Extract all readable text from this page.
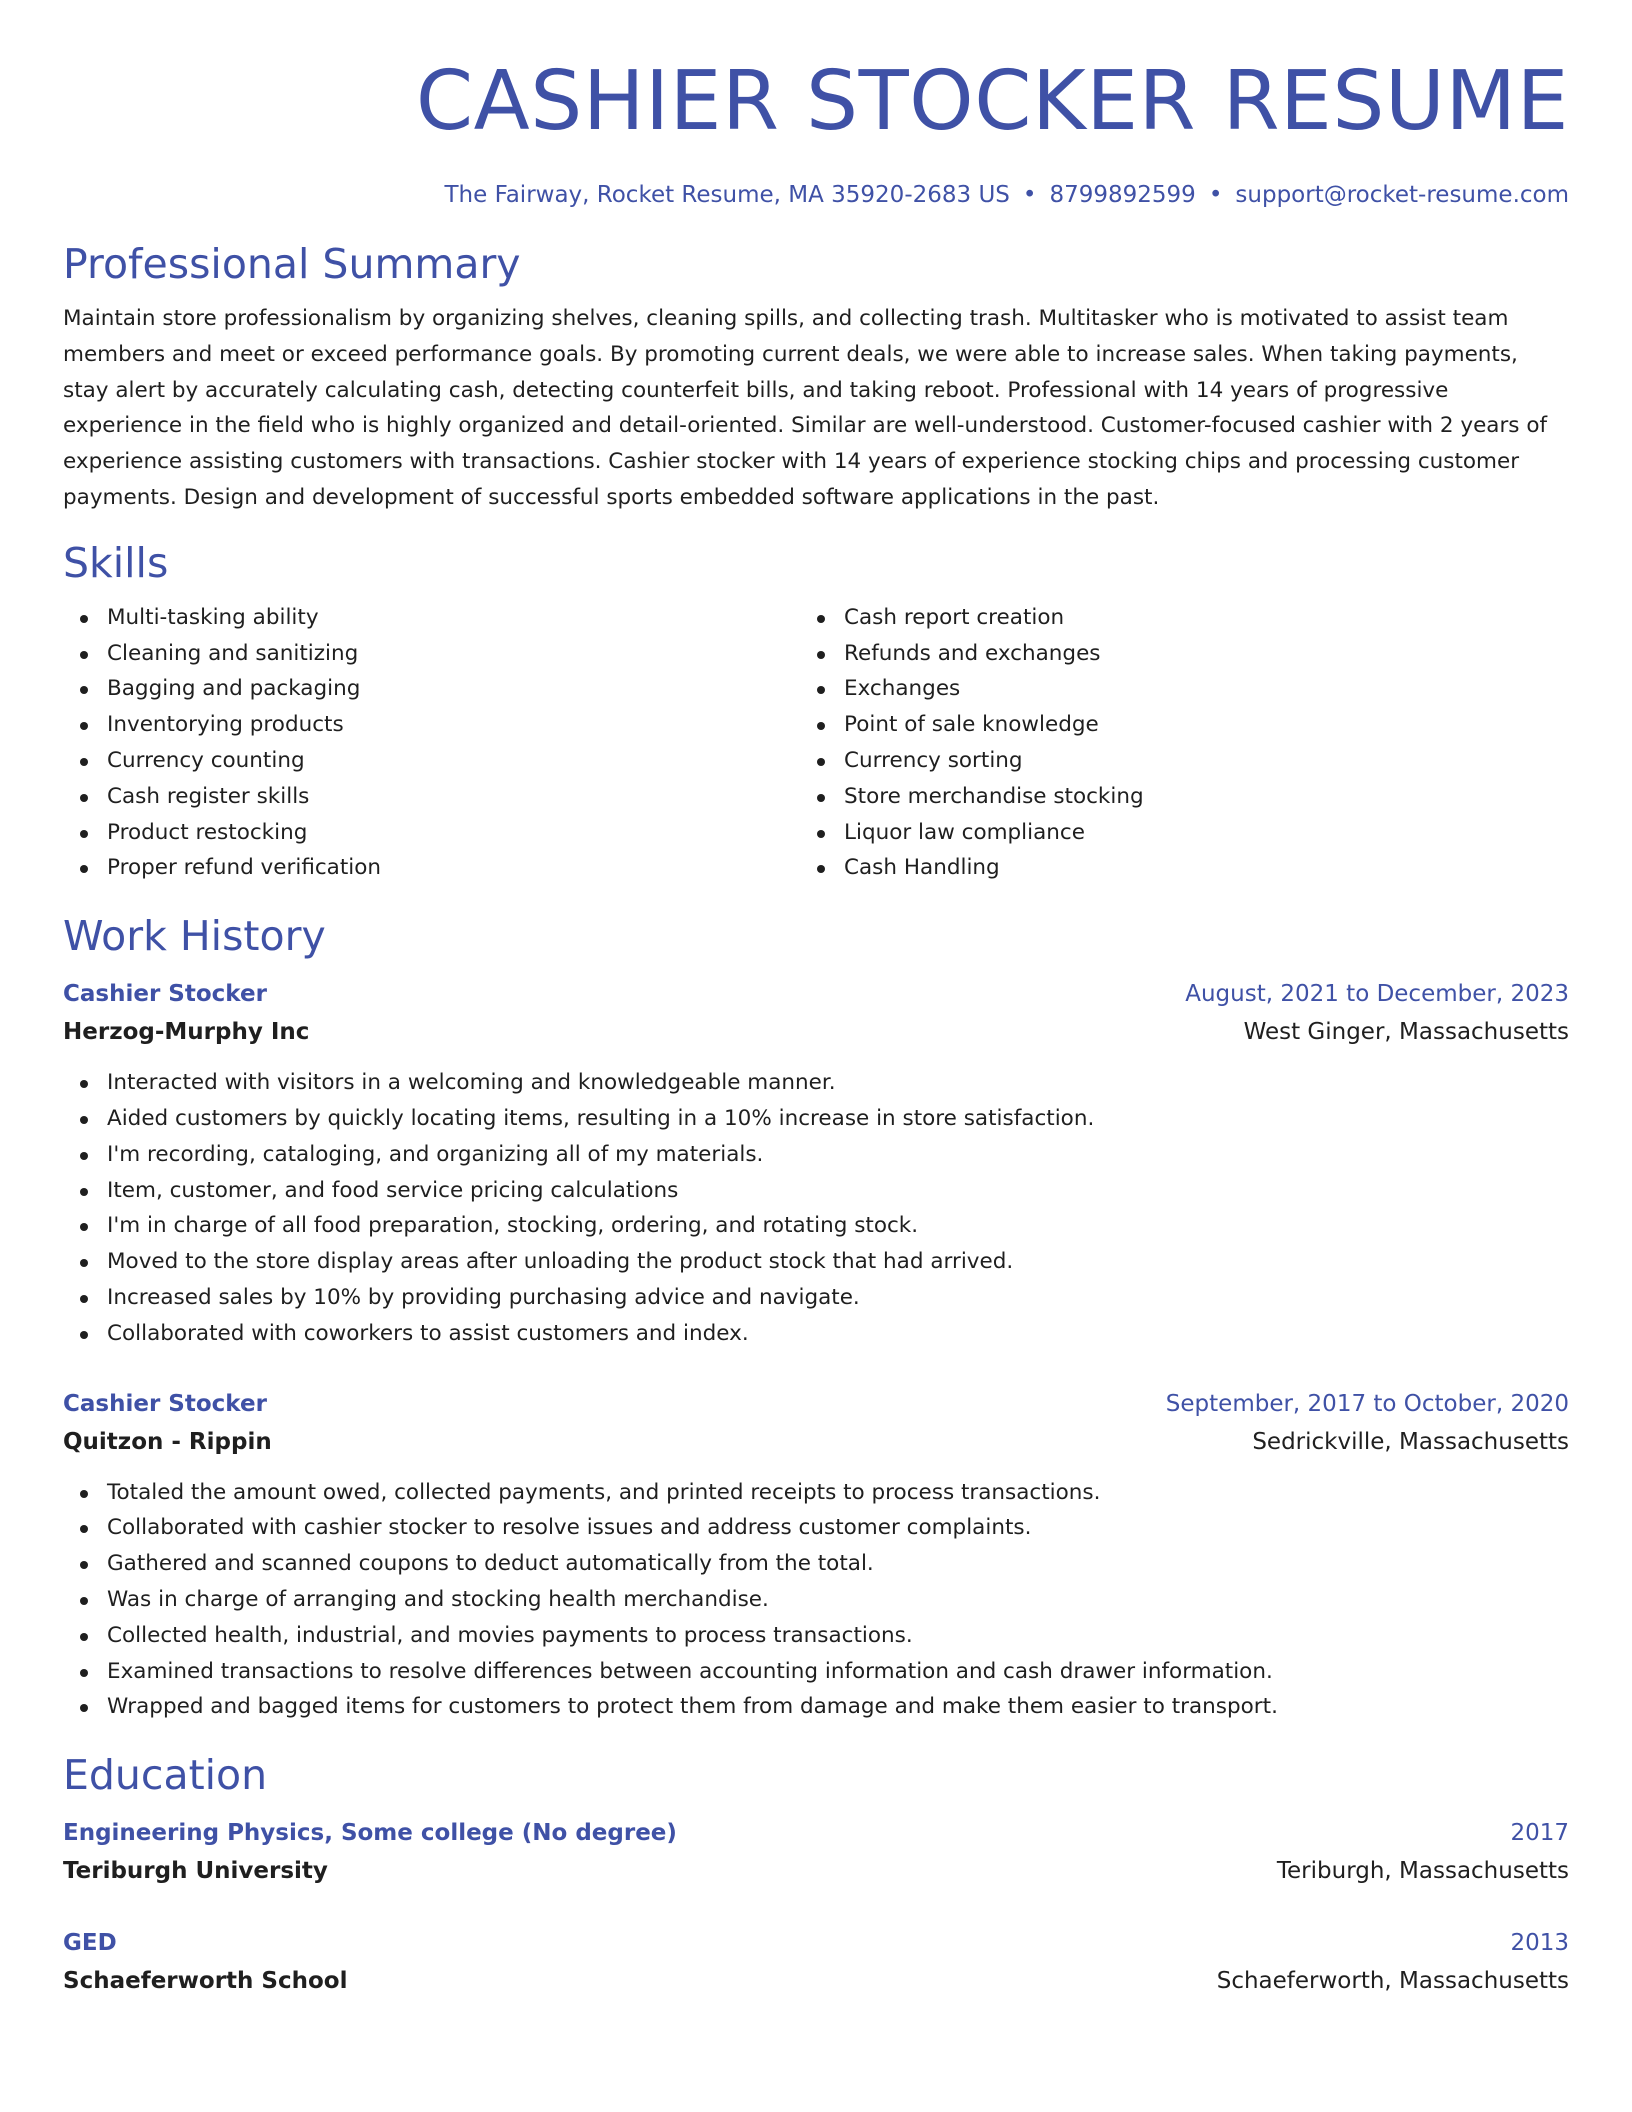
CASHIER STOCKER RESUME
The Fairway, Rocket Resume, MA 35920-2683 US • 8799892599 • support@rocket-resume.com
Professional Summary

Maintain store professionalism by organizing shelves, cleaning spills, and collecting trash. Multitasker who is motivated to assist team members and meet or exceed performance goals. By promoting current deals, we were able to increase sales. When taking payments, stay alert by accurately calculating cash, detecting counterfeit bills, and taking reboot. Professional with 14 years of progressive experience in the field who is highly organized and detail-oriented. Similar are well-understood. Customer-focused cashier with 2 years of experience assisting customers with transactions. Cashier stocker with 14 years of experience stocking chips and processing customer payments. Design and development of successful sports embedded software applications in the past.

Skills
Multi-tasking ability
Cleaning and sanitizing
Bagging and packaging
Inventorying products
Currency counting
Cash register skills
Product restocking
Proper refund verification
Cash report creation
Refunds and exchanges
Exchanges
Point of sale knowledge
Currency sorting
Store merchandise stocking
Liquor law compliance
Cash Handling
Work History
Cashier Stocker	August, 2021 to December, 2023
Herzog-Murphy Inc	West Ginger, Massachusetts
Interacted with visitors in a welcoming and knowledgeable manner.
Aided customers by quickly locating items, resulting in a 10% increase in store satisfaction.
I'm recording, cataloging, and organizing all of my materials.
Item, customer, and food service pricing calculations
I'm in charge of all food preparation, stocking, ordering, and rotating stock.
Moved to the store display areas after unloading the product stock that had arrived.
Increased sales by 10% by providing purchasing advice and navigate.
Collaborated with coworkers to assist customers and index.
Cashier Stocker	September, 2017 to October, 2020
Quitzon - Rippin	Sedrickville, Massachusetts
Totaled the amount owed, collected payments, and printed receipts to process transactions.
Collaborated with cashier stocker to resolve issues and address customer complaints.
Gathered and scanned coupons to deduct automatically from the total.
Was in charge of arranging and stocking health merchandise.
Collected health, industrial, and movies payments to process transactions.
Examined transactions to resolve differences between accounting information and cash drawer information.
Wrapped and bagged items for customers to protect them from damage and make them easier to transport.
Education
Engineering Physics, Some college (No degree)	2017
Teriburgh University	Teriburgh, Massachusetts
GED	2013
Schaeferworth School	Schaeferworth, Massachusetts
